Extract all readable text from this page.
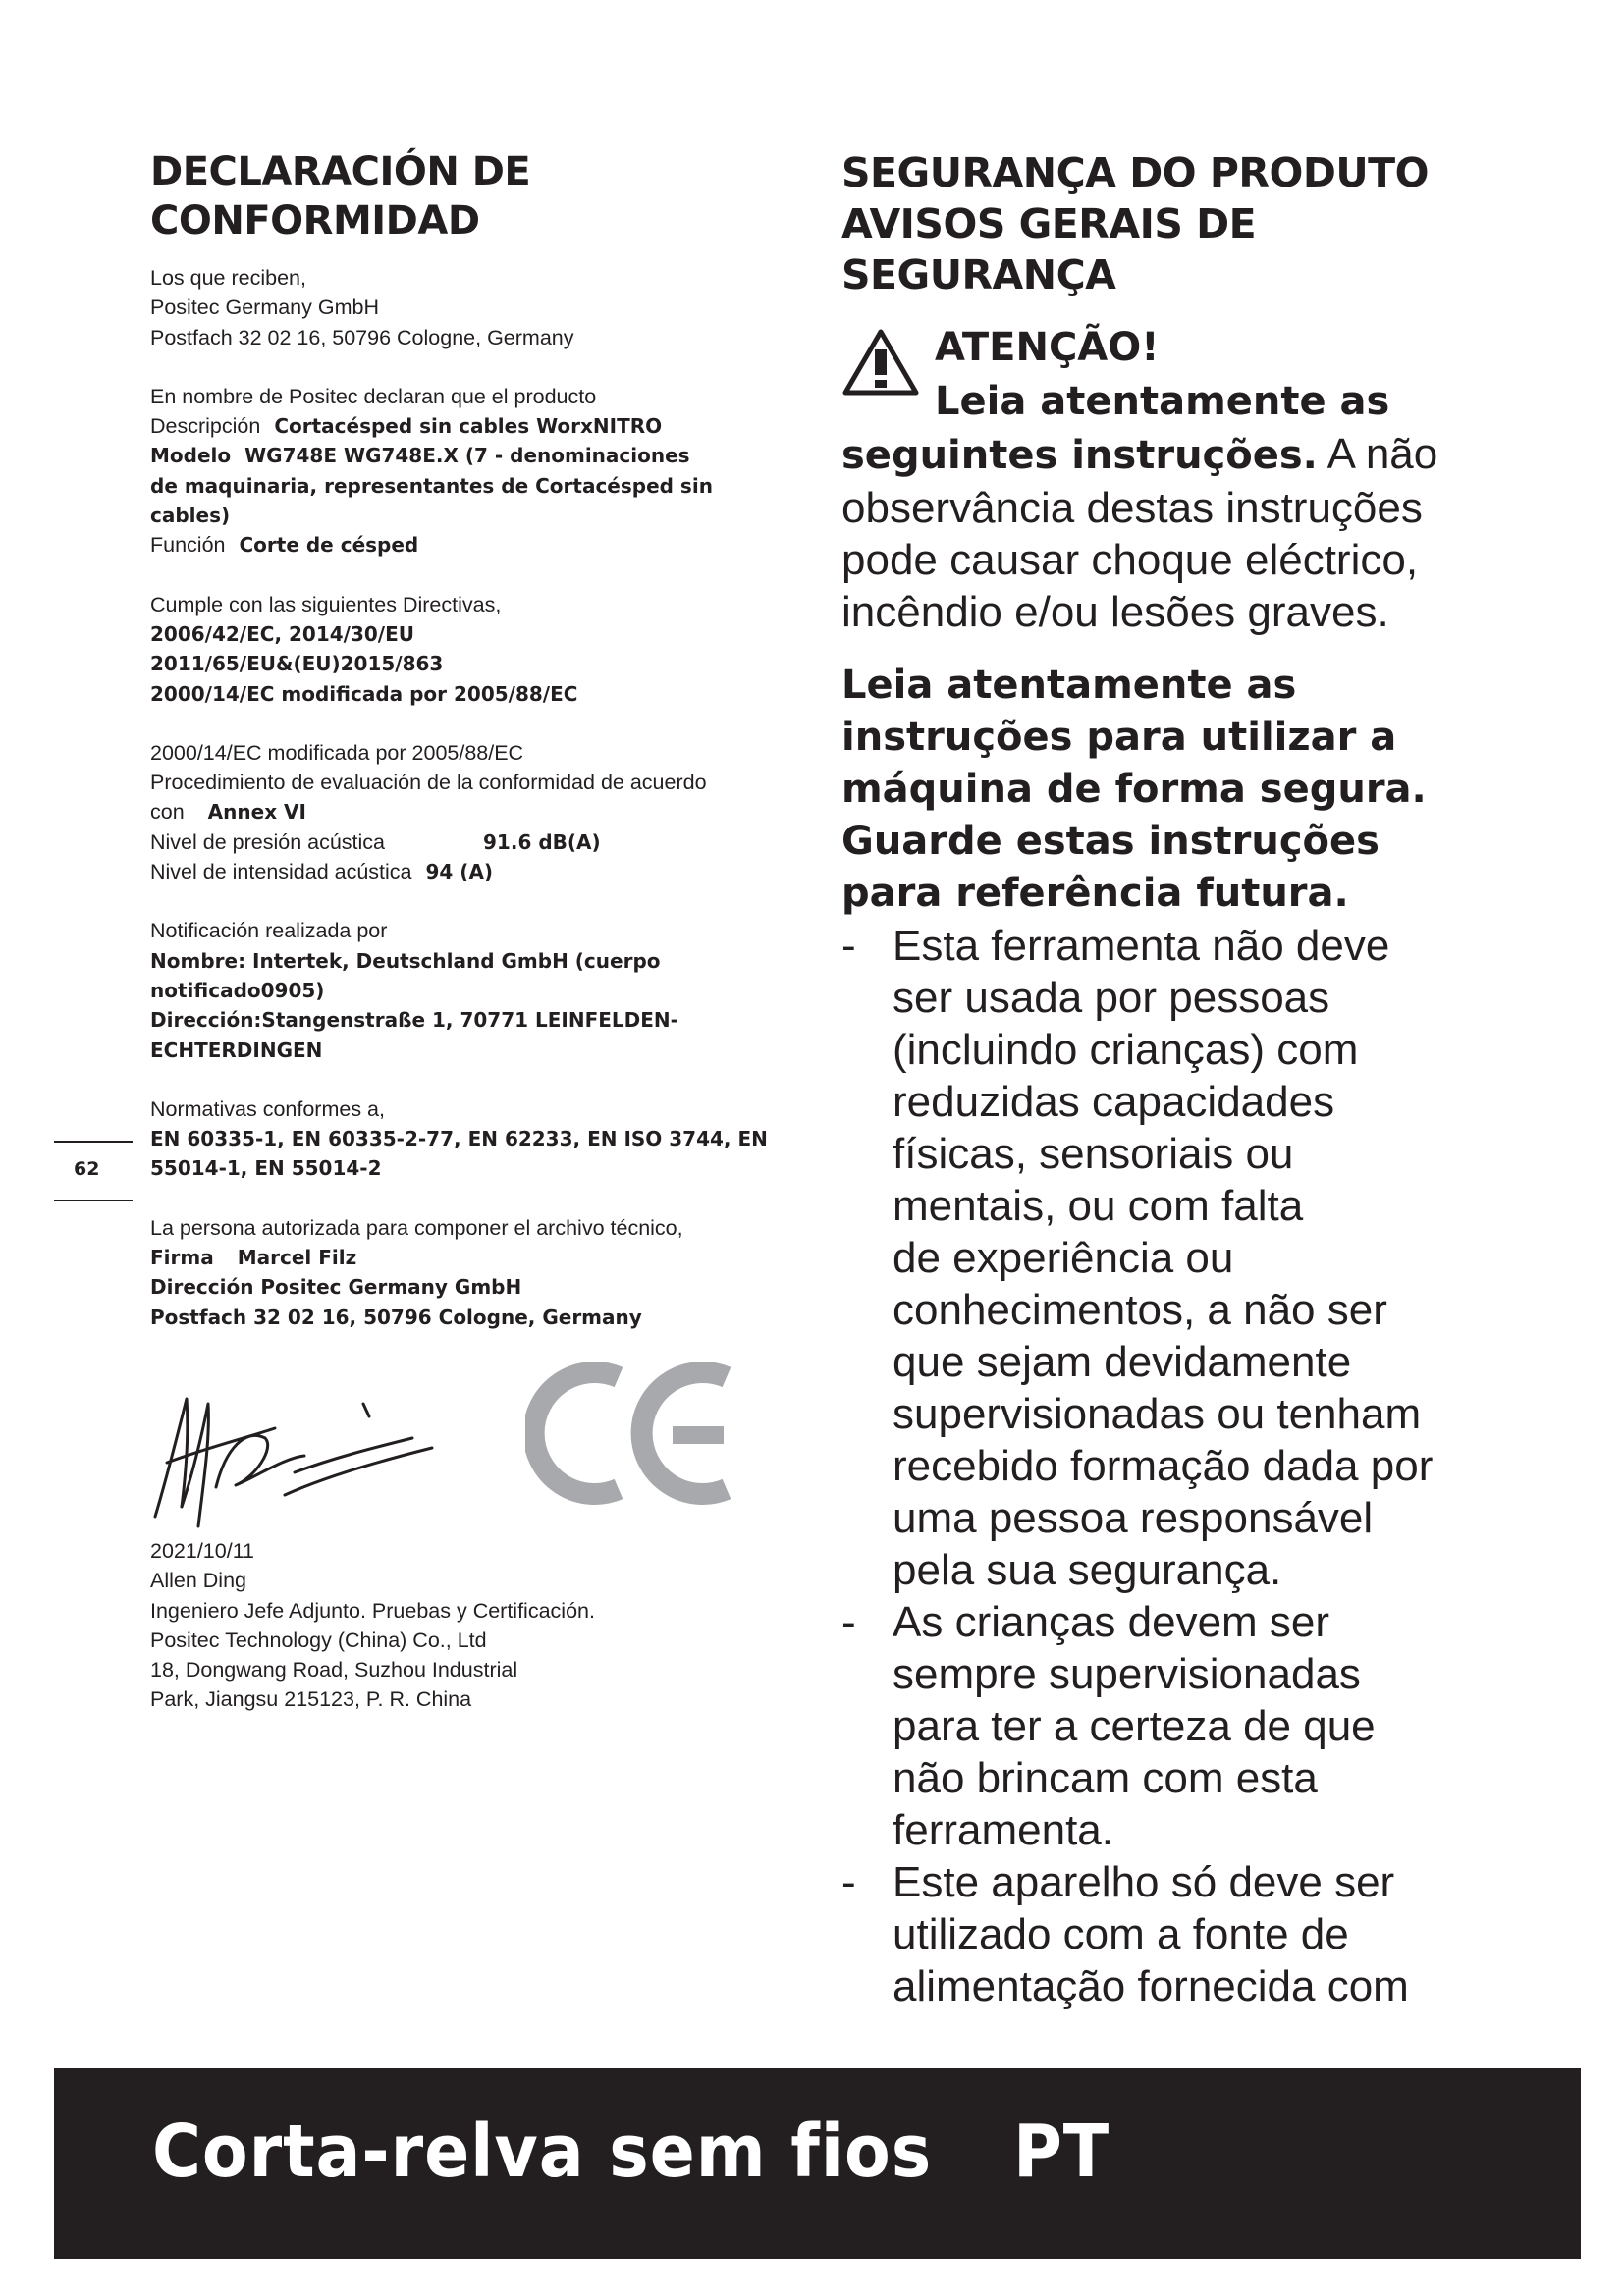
DECLARACIÓN DE
CONFORMIDAD
Los que reciben,
Positec Germany GmbH
Postfach 32 02 16, 50796 Cologne, Germany
En nombre de Positec declaran que el producto
Descripción Cortacésped sin cables WorxNITRO
Modelo WG748E WG748E.X (7 - denominaciones
de maquinaria, representantes de Cortacésped sin
cables)
Función Corte de césped
Cumple con las siguientes Directivas,
2006/42/EC, 2014/30/EU
2011/65/EU&(EU)2015/863
2000/14/EC modificada por 2005/88/EC
2000/14/EC modificada por 2005/88/EC
Procedimiento de evaluación de la conformidad de acuerdo
con Annex VI
Nivel de presión acústica	91.6 dB(A)
Nivel de intensidad acústica 94 (A)
Notificación realizada por
Nombre: Intertek, Deutschland GmbH (cuerpo
notificado0905)
Dirección:Stangenstraße 1, 70771 LEINFELDEN-
ECHTERDINGEN
Normativas conformes a,
EN 60335-1, EN 60335-2-77, EN 62233, EN ISO 3744, EN
55014-1, EN 55014-2
La persona autorizada para componer el archivo técnico,
Firma Marcel Filz
Dirección Positec Germany GmbH
Postfach 32 02 16, 50796 Cologne, Germany
2021/10/11
Allen Ding
Ingeniero Jefe Adjunto. Pruebas y Certificación.
Positec Technology (China) Co., Ltd
18, Dongwang Road, Suzhou Industrial
Park, Jiangsu 215123, P. R. China
62
SEGURANÇA DO PRODUTO
AVISOS GERAIS DE
SEGURANÇA
ATENÇÃO!
Leia atentamente as
seguintes instruções. A não
observância destas instruções
pode causar choque eléctrico,
incêndio e/ou lesões graves.
Leia atentamente as
instruções para utilizar a
máquina de forma segura.
Guarde estas instruções
para referência futura.
- Esta ferramenta não deve
ser usada por pessoas
(incluindo crianças) com
reduzidas capacidades
físicas, sensoriais ou
mentais, ou com falta
de experiência ou
conhecimentos, a não ser
que sejam devidamente
supervisionadas ou tenham
recebido formação dada por
uma pessoa responsável
pela sua segurança.
- As crianças devem ser
sempre supervisionadas
para ter a certeza de que
não brincam com esta
ferramenta.
- Este aparelho só deve ser
utilizado com a fonte de
alimentação fornecida com
Corta-relva sem fios PT
